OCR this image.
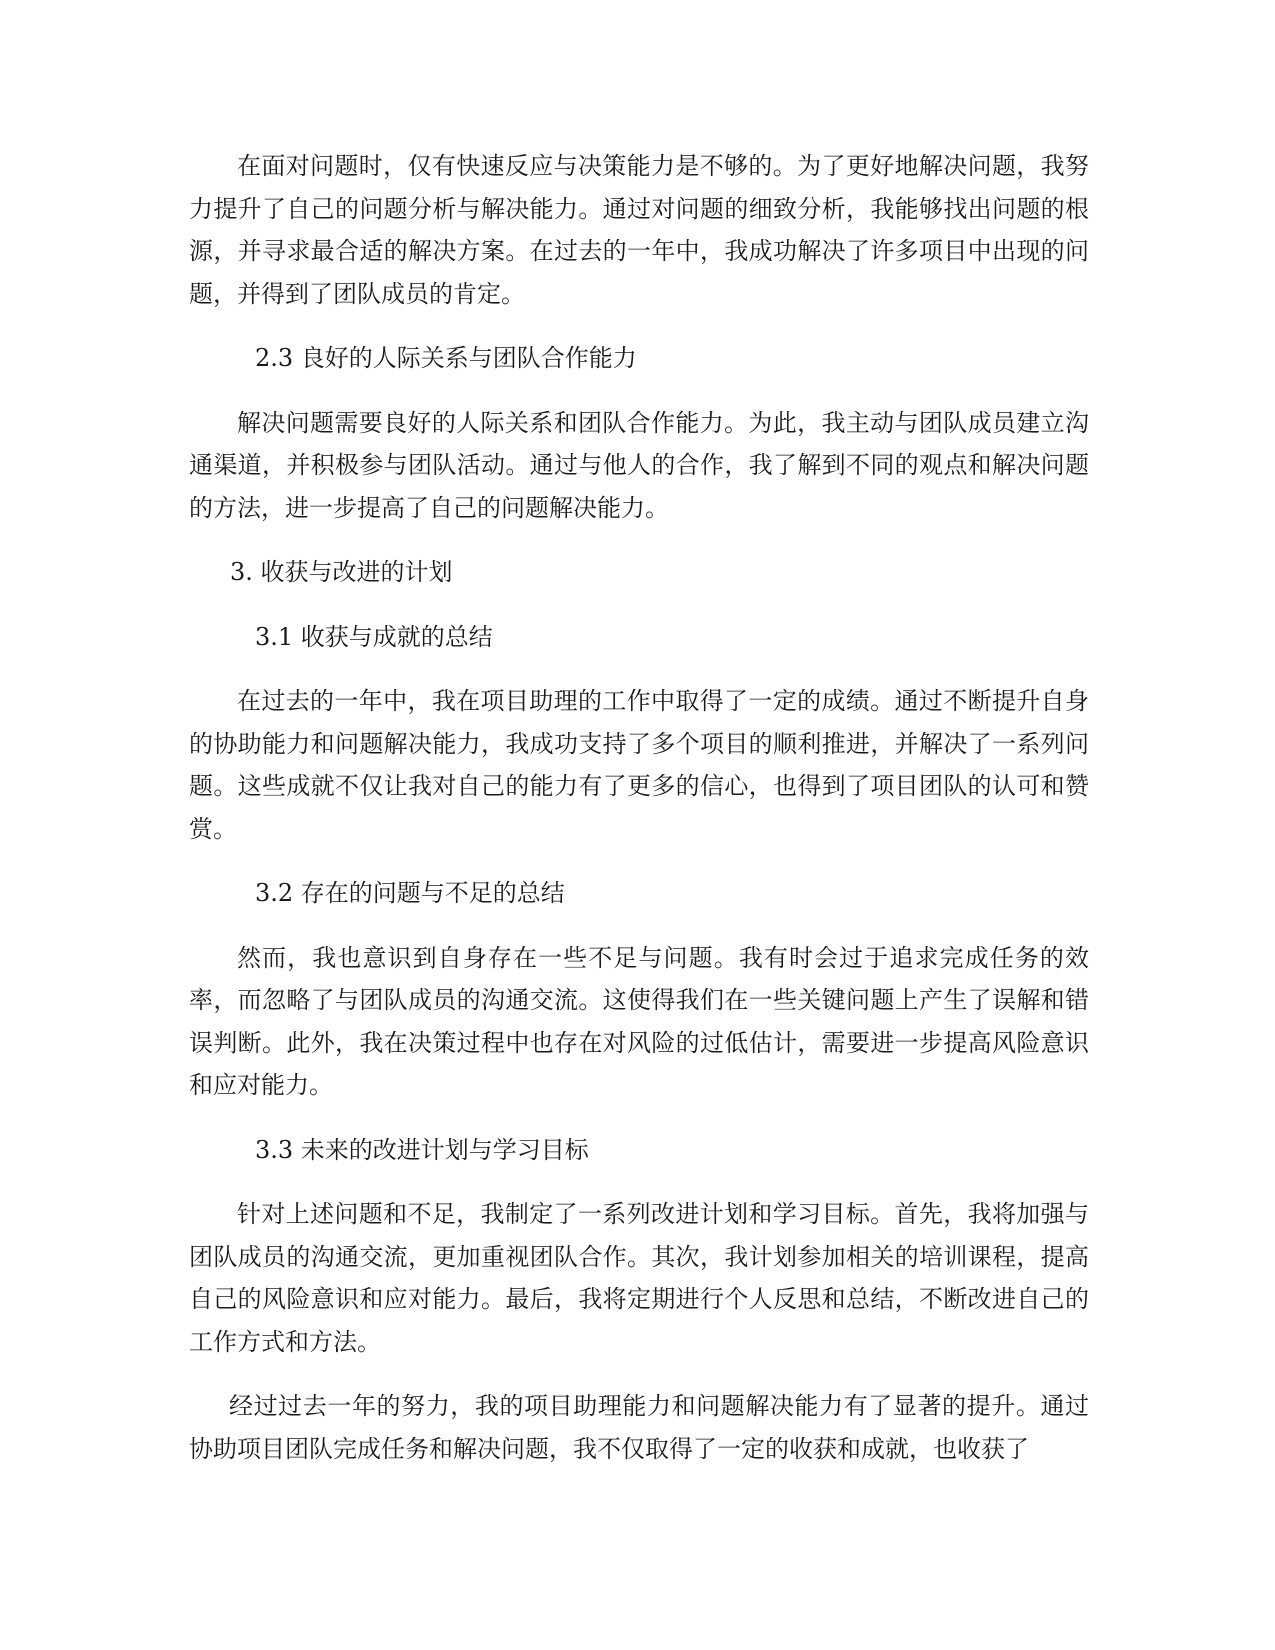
在面对问题时，仅有快速反应与决策能力是不够的。为了更好地解决问题，我努力提升了自己的问题分析与解决能力。通过对问题的细致分析，我能够找出问题的根源，并寻求最合适的解决方案。在过去的一年中，我成功解决了许多项目中出现的问题，并得到了团队成员的肯定。

2.3 良好的人际关系与团队合作能力

解决问题需要良好的人际关系和团队合作能力。为此，我主动与团队成员建立沟通渠道，并积极参与团队活动。通过与他人的合作，我了解到不同的观点和解决问题的方法，进一步提高了自己的问题解决能力。

3. 收获与改进的计划
3.1 收获与成就的总结

在过去的一年中，我在项目助理的工作中取得了一定的成绩。通过不断提升自身的协助能力和问题解决能力，我成功支持了多个项目的顺利推进，并解决了一系列问题。这些成就不仅让我对自己的能力有了更多的信心，也得到了项目团队的认可和赞赏。

3.2 存在的问题与不足的总结

然而，我也意识到自身存在一些不足与问题。我有时会过于追求完成任务的效率，而忽略了与团队成员的沟通交流。这使得我们在一些关键问题上产生了误解和错误判断。此外，我在决策过程中也存在对风险的过低估计，需要进一步提高风险意识和应对能力。

3.3 未来的改进计划与学习目标

针对上述问题和不足，我制定了一系列改进计划和学习目标。首先，我将加强与团队成员的沟通交流，更加重视团队合作。其次，我计划参加相关的培训课程，提高自己的风险意识和应对能力。最后，我将定期进行个人反思和总结，不断改进自己的工作方式和方法。

经过过去一年的努力，我的项目助理能力和问题解决能力有了显著的提升。通过协助项目团队完成任务和解决问题，我不仅取得了一定的收获和成就，也收获了
